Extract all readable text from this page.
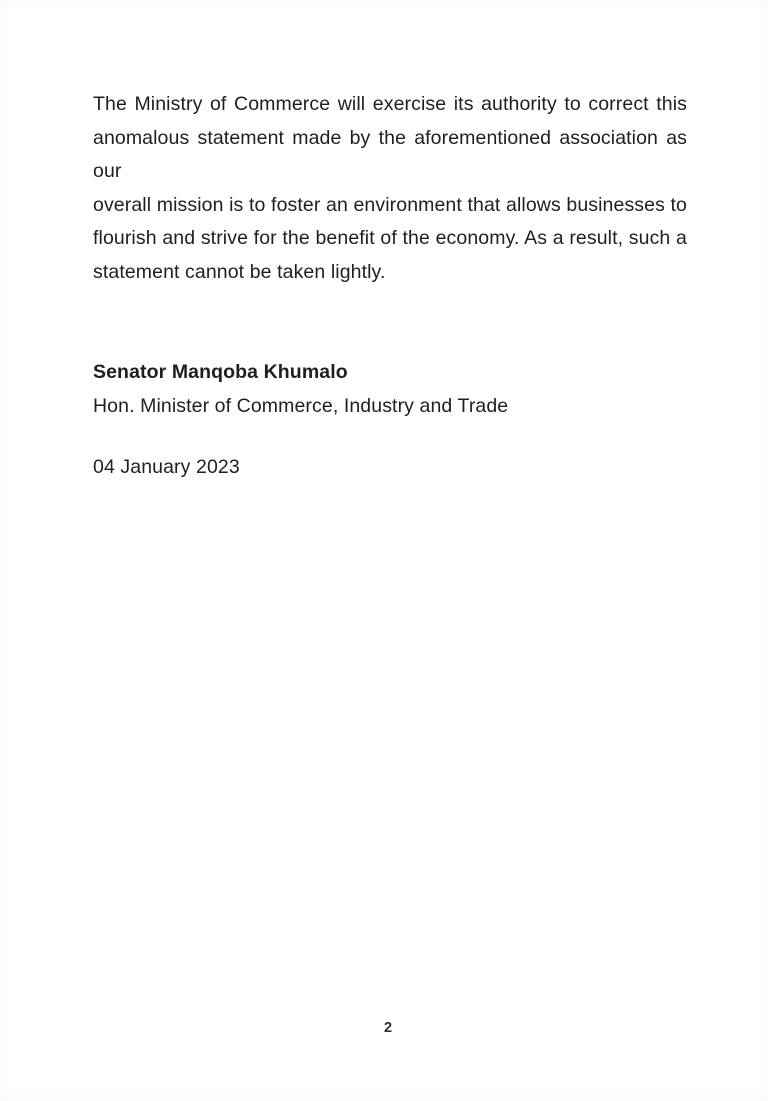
The Ministry of Commerce will exercise its authority to correct this
anomalous statement made by the aforementioned association as our
overall mission is to foster an environment that allows businesses to
flourish and strive for the benefit of the economy. As a result, such a
statement cannot be taken lightly.
Senator Manqoba Khumalo
Hon. Minister of Commerce, Industry and Trade
04 January 2023
2
